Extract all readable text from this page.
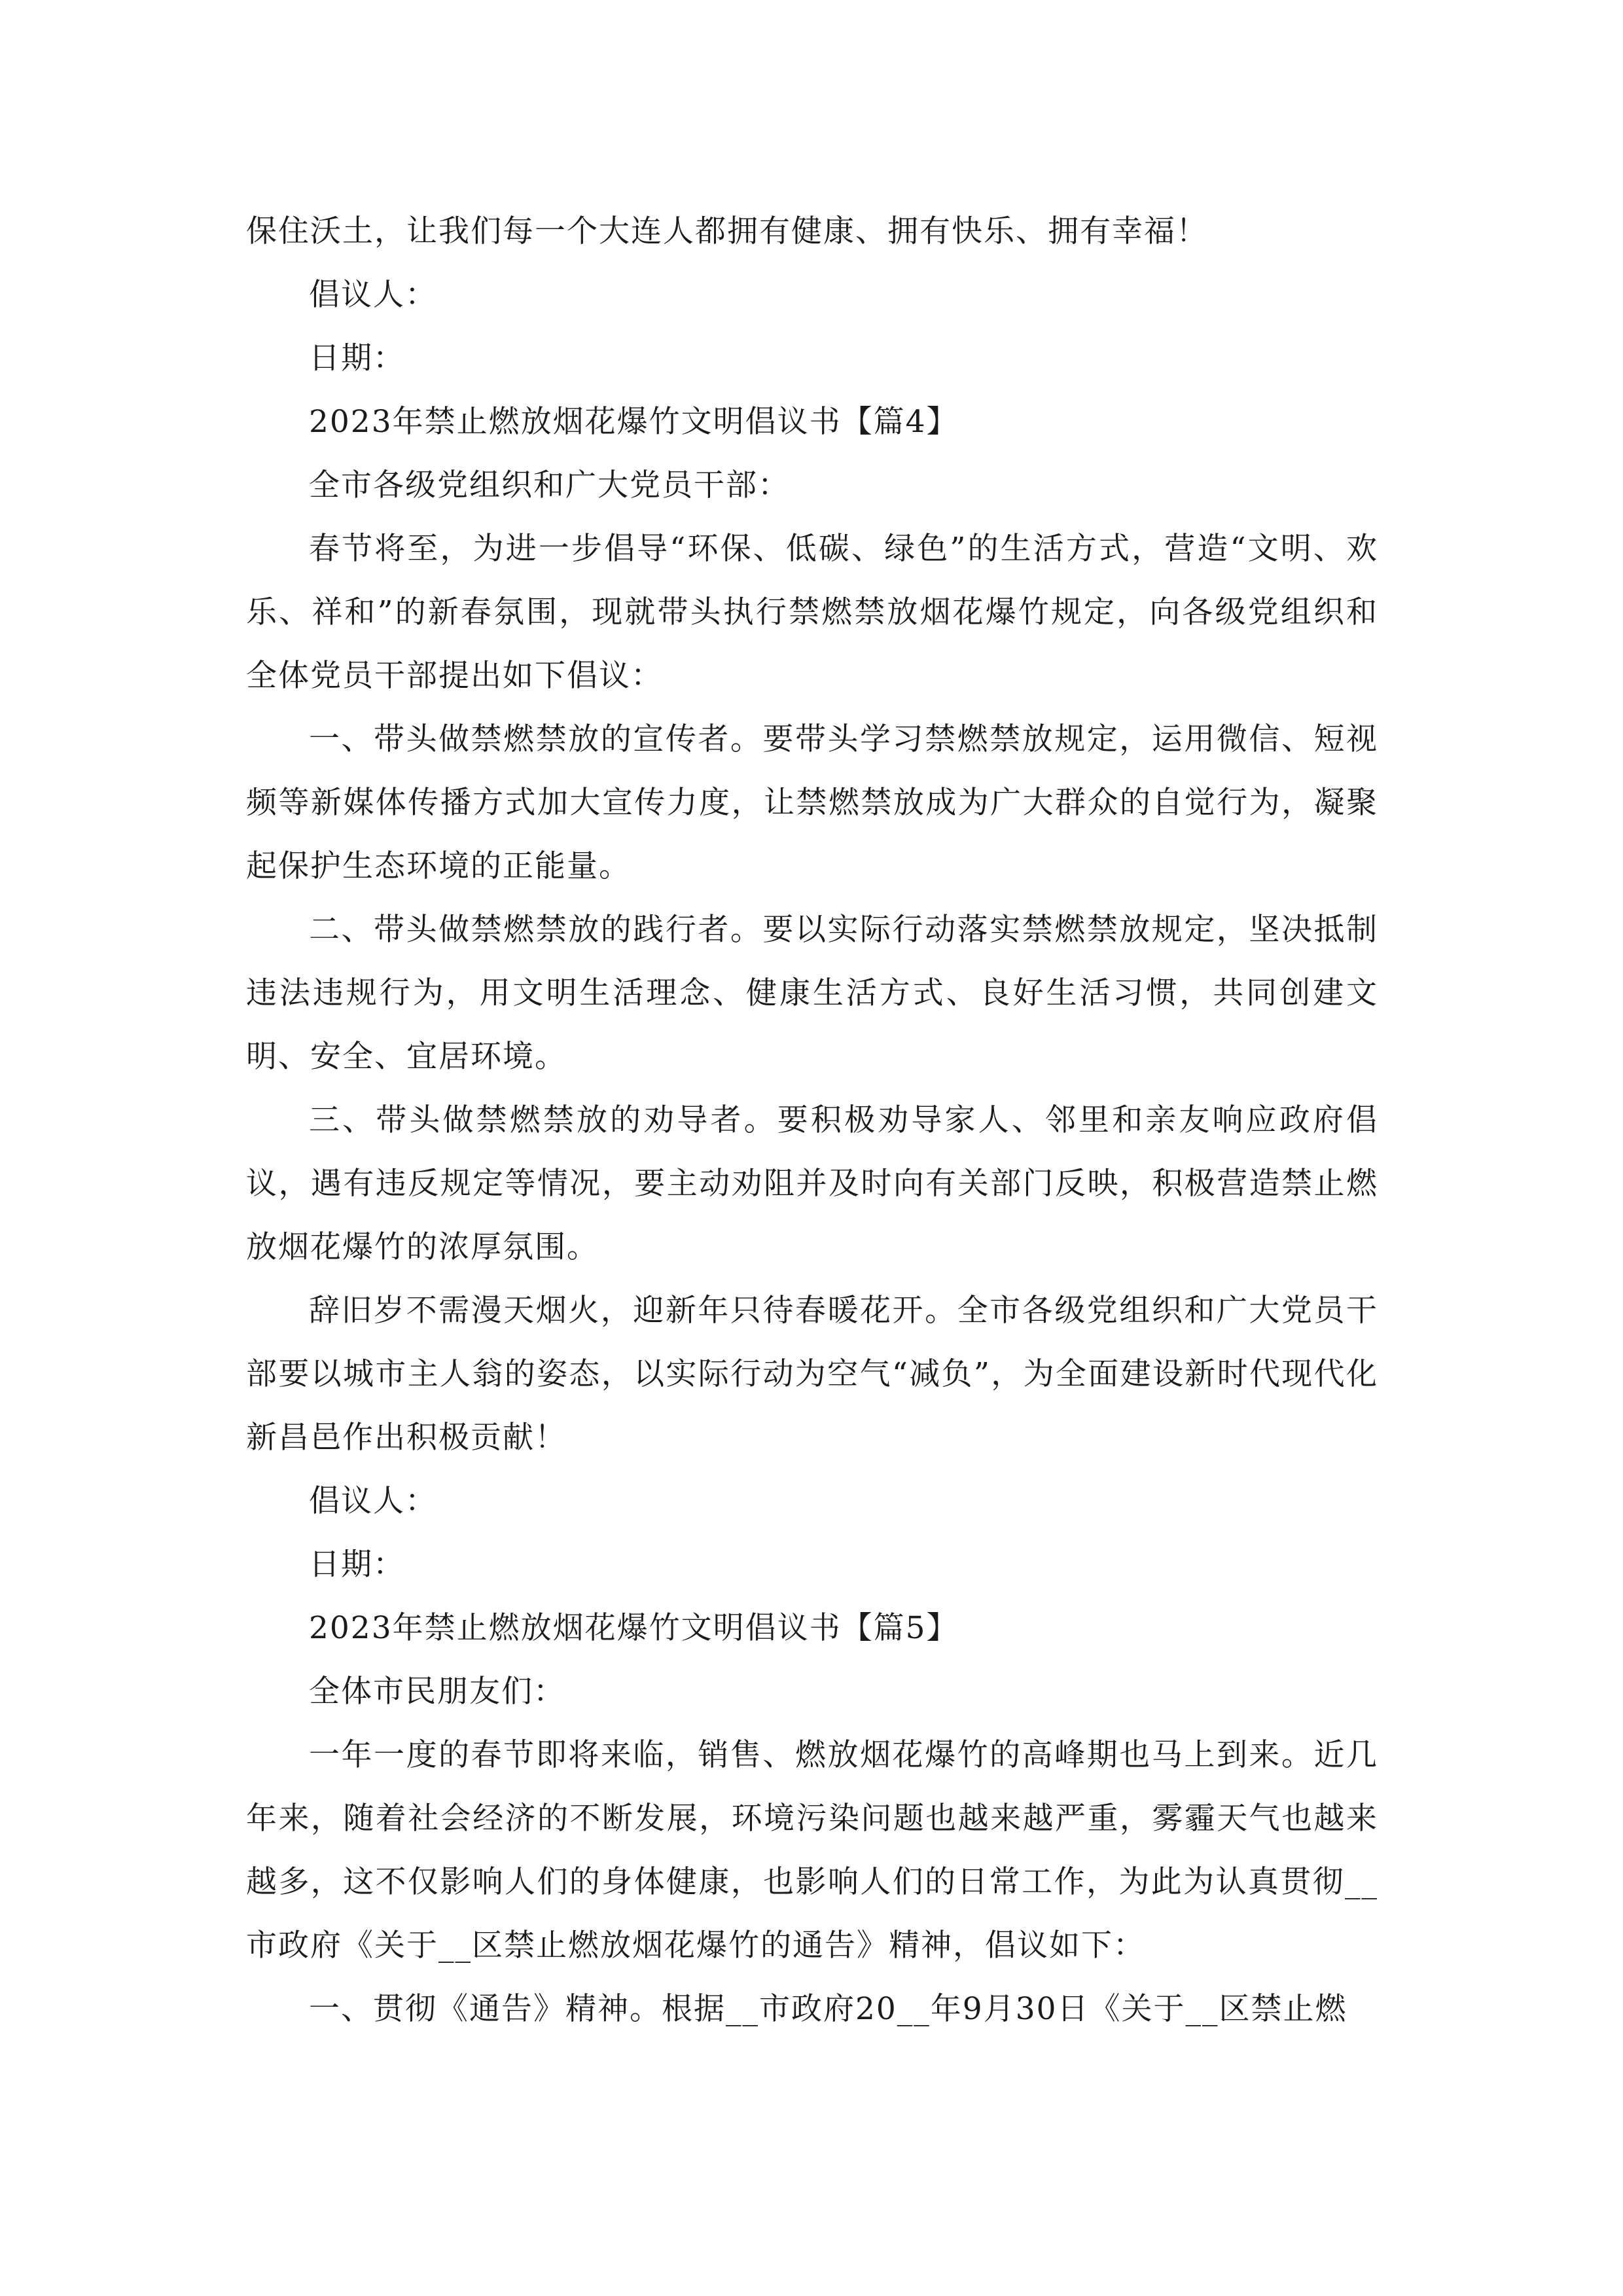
保住沃土，让我们每一个大连人都拥有健康、拥有快乐、拥有幸福！

倡议人：

日期：

2023年禁止燃放烟花爆竹文明倡议书【篇4】

全市各级党组织和广大党员干部：

春节将至，为进一步倡导“环保、低碳、绿色”的生活方式，营造“文明、欢乐、祥和”的新春氛围，现就带头执行禁燃禁放烟花爆竹规定，向各级党组织和全体党员干部提出如下倡议：

一、带头做禁燃禁放的宣传者。要带头学习禁燃禁放规定，运用微信、短视频等新媒体传播方式加大宣传力度，让禁燃禁放成为广大群众的自觉行为，凝聚起保护生态环境的正能量。

二、带头做禁燃禁放的践行者。要以实际行动落实禁燃禁放规定，坚决抵制违法违规行为，用文明生活理念、健康生活方式、良好生活习惯，共同创建文明、安全、宜居环境。

三、带头做禁燃禁放的劝导者。要积极劝导家人、邻里和亲友响应政府倡议，遇有违反规定等情况，要主动劝阻并及时向有关部门反映，积极营造禁止燃放烟花爆竹的浓厚氛围。

辞旧岁不需漫天烟火，迎新年只待春暖花开。全市各级党组织和广大党员干部要以城市主人翁的姿态，以实际行动为空气“减负”，为全面建设新时代现代化新昌邑作出积极贡献！

倡议人：

日期：

2023年禁止燃放烟花爆竹文明倡议书【篇5】

全体市民朋友们：

一年一度的春节即将来临，销售、燃放烟花爆竹的高峰期也马上到来。近几年来，随着社会经济的不断发展，环境污染问题也越来越严重，雾霾天气也越来越多，这不仅影响人们的身体健康，也影响人们的日常工作，为此为认真贯彻__市政府《关于__区禁止燃放烟花爆竹的通告》精神，倡议如下：

一、贯彻《通告》精神。根据__市政府20__年9月30日《关于__区禁止燃
